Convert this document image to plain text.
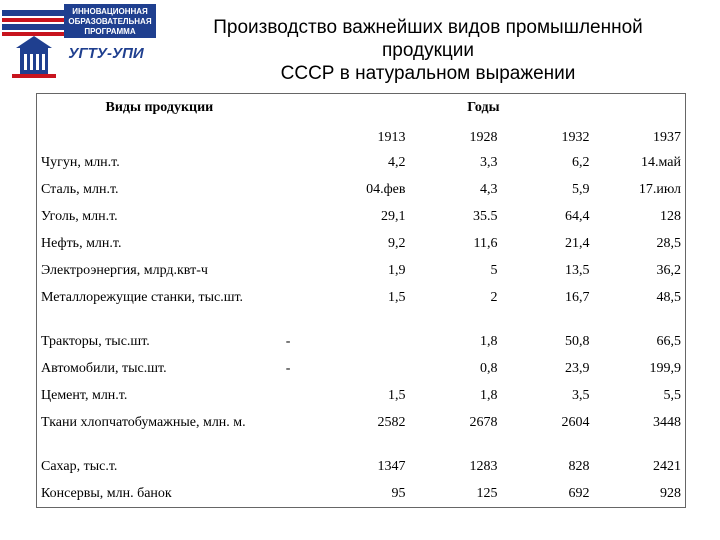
ИННОВАЦИОННАЯ
ОБРАЗОВАТЕЛЬНАЯ
ПРОГРАММА
УГТУ-УПИ
Производство важнейших видов промышленной
продукции
СССР в натуральном выражении
Виды продукции	Годы				
		1913	1928	1932	1937
Чугун, млн.т.		4,2	3,3	6,2	14.май
Сталь, млн.т.		04.фев	4,3	5,9	17.июл
Уголь, млн.т.		29,1	35.5	64,4	128
Нефть, млн.т.		9,2	11,6	21,4	28,5
Электроэнергия, млрд.квт-ч		1,9	5	13,5	36,2
Металлорежущие станки, тыс.шт.		1,5	2	16,7	48,5
Тракторы, тыс.шт.	-		1,8	50,8	66,5
Автомобили, тыс.шт.	-		0,8	23,9	199,9
Цемент, млн.т.		1,5	1,8	3,5	5,5
Ткани хлопчатобумажные, млн. м.		2582	2678	2604	3448
Сахар, тыс.т.		1347	1283	828	2421
Консервы, млн. банок		95	125	692	928
